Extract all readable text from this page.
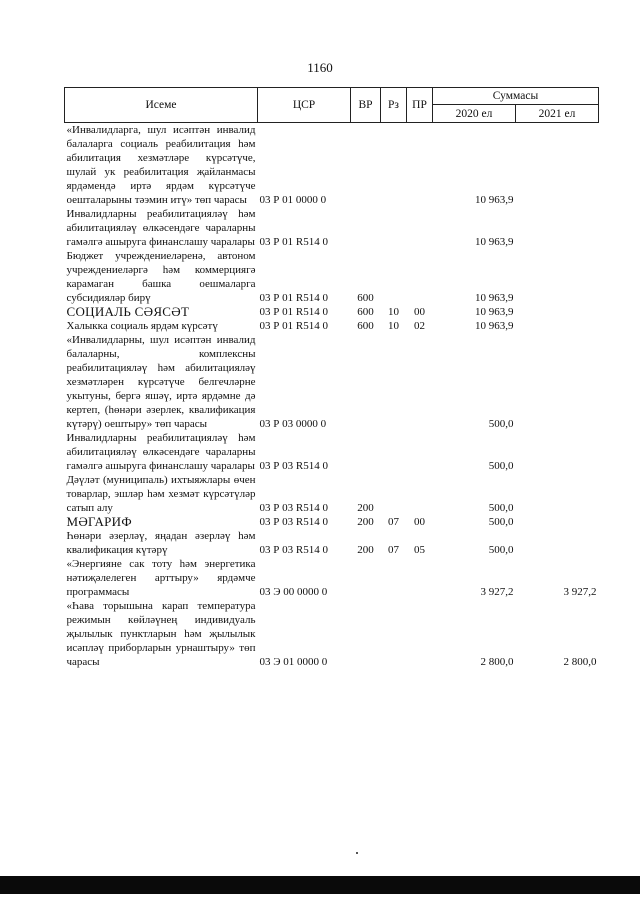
1160
Исеме	ЦСР	ВР	Рз	ПР	Суммасы	
					2020 ел	2021 ел
«Инвалидларга, шул исәптән инвалид балаларга социаль реабилитация һәм абилитация хезмәтләре күрсәтүче, шулай ук реабилитация җайланмасы ярдәмендә иртә ярдәм күрсәтүче оешталарыны тәэмин итү» төп чарасы	03 Р 01 0000 0				10 963,9	
Инвалидларны реабилитацияләү һәм абилитацияләү өлкәсендәге чараларны гамәлгә ашыруга финанслашу чаралары	03 Р 01 R514 0				10 963,9	
Бюджет учреждениеләренә, автоном учреждениеләргә һәм коммерциягә карамаган башка оешмаларга субсидияләр бирү	03 Р 01 R514 0	600			10 963,9	
СОЦИАЛЬ СӘЯСӘТ	03 Р 01 R514 0	600	10	00	10 963,9	
Халыкка социаль ярдәм күрсәтү	03 Р 01 R514 0	600	10	02	10 963,9	
«Инвалидларны, шул исәптән инвалид балаларны, комплексны реабилитацияләү һәм абилитацияләү хезмәтләрен күрсәтүче белгечләрне укытуны, бергә яшәү, иртә ярдәмне дә кертеп, (һөнәри әзерлек, квалификация күтәрү) оештыру» төп чарасы	03 Р 03 0000 0				500,0	
Инвалидларны реабилитацияләү һәм абилитацияләү өлкәсендәге чараларны гамәлгә ашыруга финанслашу чаралары	03 Р 03 R514 0				500,0	
Дәүләт (муниципаль) ихтыяжлары өчен товарлар, эшләр һәм хезмәт күрсәтүләр сатып алу	03 Р 03 R514 0	200			500,0	
МӘГАРИФ	03 Р 03 R514 0	200	07	00	500,0	
Һөнәри әзерләү, яңадан әзерләү һәм квалификация күтәрү	03 Р 03 R514 0	200	07	05	500,0	
«Энергияне сак тоту һәм энергетика нәтиҗәлелеген арттыру» ярдәмче программасы	03 Э 00 0000 0				3 927,2	3 927,2
«Һава торышына карап температура режимын көйләүнең индивидуаль җылылык пунктларын һәм җылылык исәпләү приборларын урнаштыру» төп чарасы	03 Э 01 0000 0				2 800,0	2 800,0
